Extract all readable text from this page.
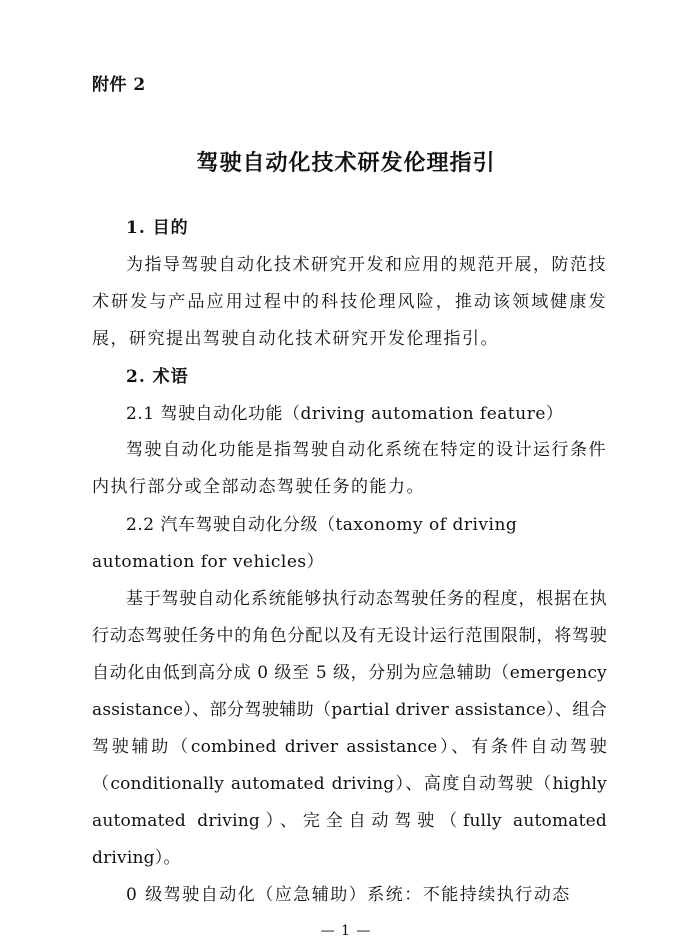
附件 2
驾驶自动化技术研发伦理指引

1. 目的

为指导驾驶自动化技术研究开发和应用的规范开展，防范技术研发与产品应用过程中的科技伦理风险，推动该领域健康发展，研究提出驾驶自动化技术研究开发伦理指引。

2. 术语

2.1 驾驶自动化功能（driving automation feature）

驾驶自动化功能是指驾驶自动化系统在特定的设计运行条件内执行部分或全部动态驾驶任务的能力。

2.2 汽车驾驶自动化分级（taxonomy of driving automation for vehicles）

基于驾驶自动化系统能够执行动态驾驶任务的程度，根据在执行动态驾驶任务中的角色分配以及有无设计运行范围限制，将驾驶自动化由低到高分成 0 级至 5 级，分别为应急辅助（emergency assistance）、部分驾驶辅助（partial driver assistance）、组合驾驶辅助（combined driver assistance）、有条件自动驾驶（conditionally automated driving）、高度自动驾驶（highly automated driving）、完全自动驾驶（fully automated driving）。

0 级驾驶自动化（应急辅助）系统：不能持续执行动态

— 1 —
